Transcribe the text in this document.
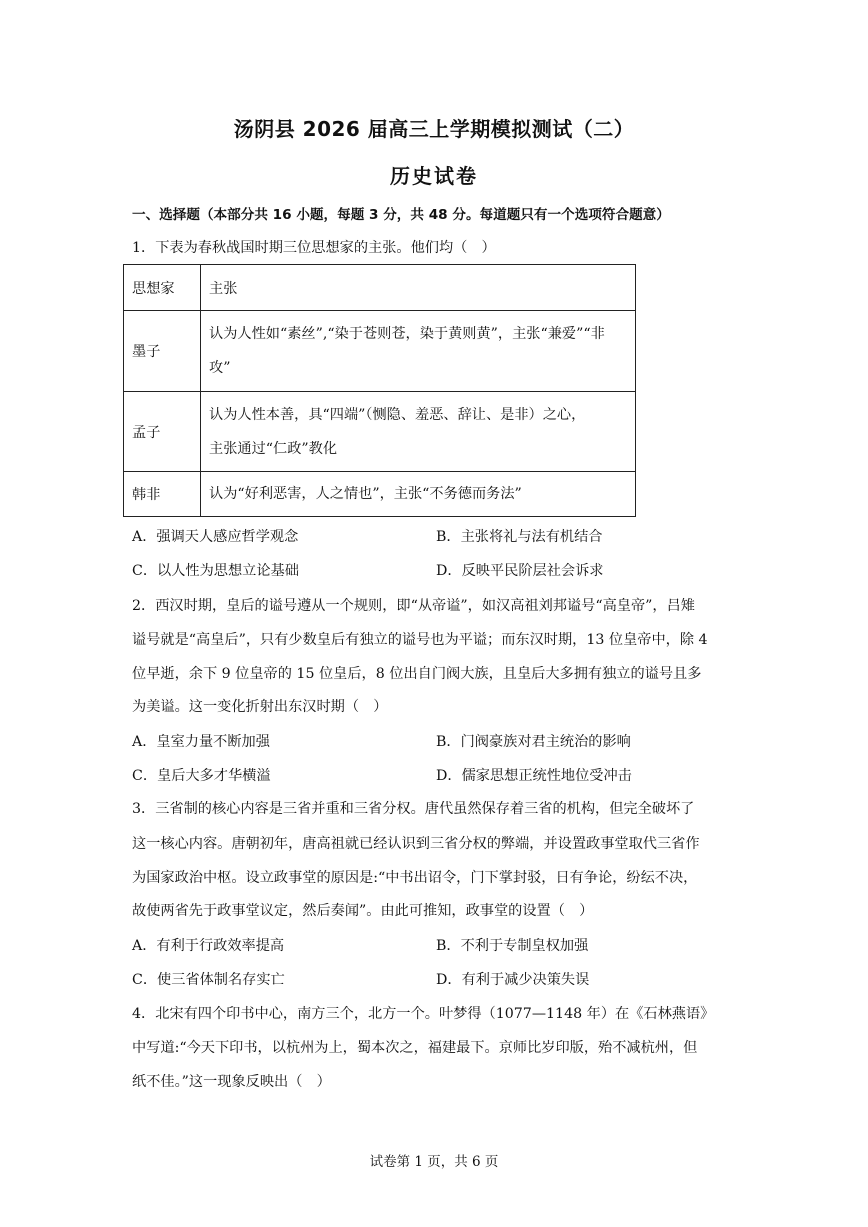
汤阴县 2026 届高三上学期模拟测试（二）
历史试卷
一、选择题（本部分共 16 小题，每题 3 分，共 48 分。每道题只有一个选项符合题意）
1．下表为春秋战国时期三位思想家的主张。他们均（　）
思想家	主张
墨子	认为人性如“素丝”,“染于苍则苍，染于黄则黄”，主张“兼爱”“非
攻”

孟子	认为人性本善，具“四端”（恻隐、羞恶、辞让、是非）之心，
主张通过“仁政”教化

韩非	认为“好利恶害，人之情也”，主张“不务德而务法”
A．强调天人感应哲学观念	B．主张将礼与法有机结合
C．以人性为思想立论基础	D．反映平民阶层社会诉求
2．西汉时期，皇后的谥号遵从一个规则，即“从帝谥”，如汉高祖刘邦谥号“高皇帝”，吕雉
谥号就是“高皇后”，只有少数皇后有独立的谥号也为平谥；而东汉时期，13 位皇帝中，除 4
位早逝，余下 9 位皇帝的 15 位皇后，8 位出自门阀大族，且皇后大多拥有独立的谥号且多
为美谥。这一变化折射出东汉时期（　）
A．皇室力量不断加强	B．门阀豪族对君主统治的影响
C．皇后大多才华横溢	D．儒家思想正统性地位受冲击
3．三省制的核心内容是三省并重和三省分权。唐代虽然保存着三省的机构，但完全破坏了
这一核心内容。唐朝初年，唐高祖就已经认识到三省分权的弊端，并设置政事堂取代三省作
为国家政治中枢。设立政事堂的原因是:“中书出诏令，门下掌封驳，日有争论，纷纭不决，
故使两省先于政事堂议定，然后奏闻”。由此可推知，政事堂的设置（　）
A．有利于行政效率提高	B．不利于专制皇权加强
C．使三省体制名存实亡	D．有利于减少决策失误
4．北宋有四个印书中心，南方三个，北方一个。叶梦得（1077—1148 年）在《石林燕语》
中写道:“今天下印书，以杭州为上，蜀本次之，福建最下。京师比岁印版，殆不减杭州，但
纸不佳。”这一现象反映出（　）
试卷第 1 页，共 6 页
